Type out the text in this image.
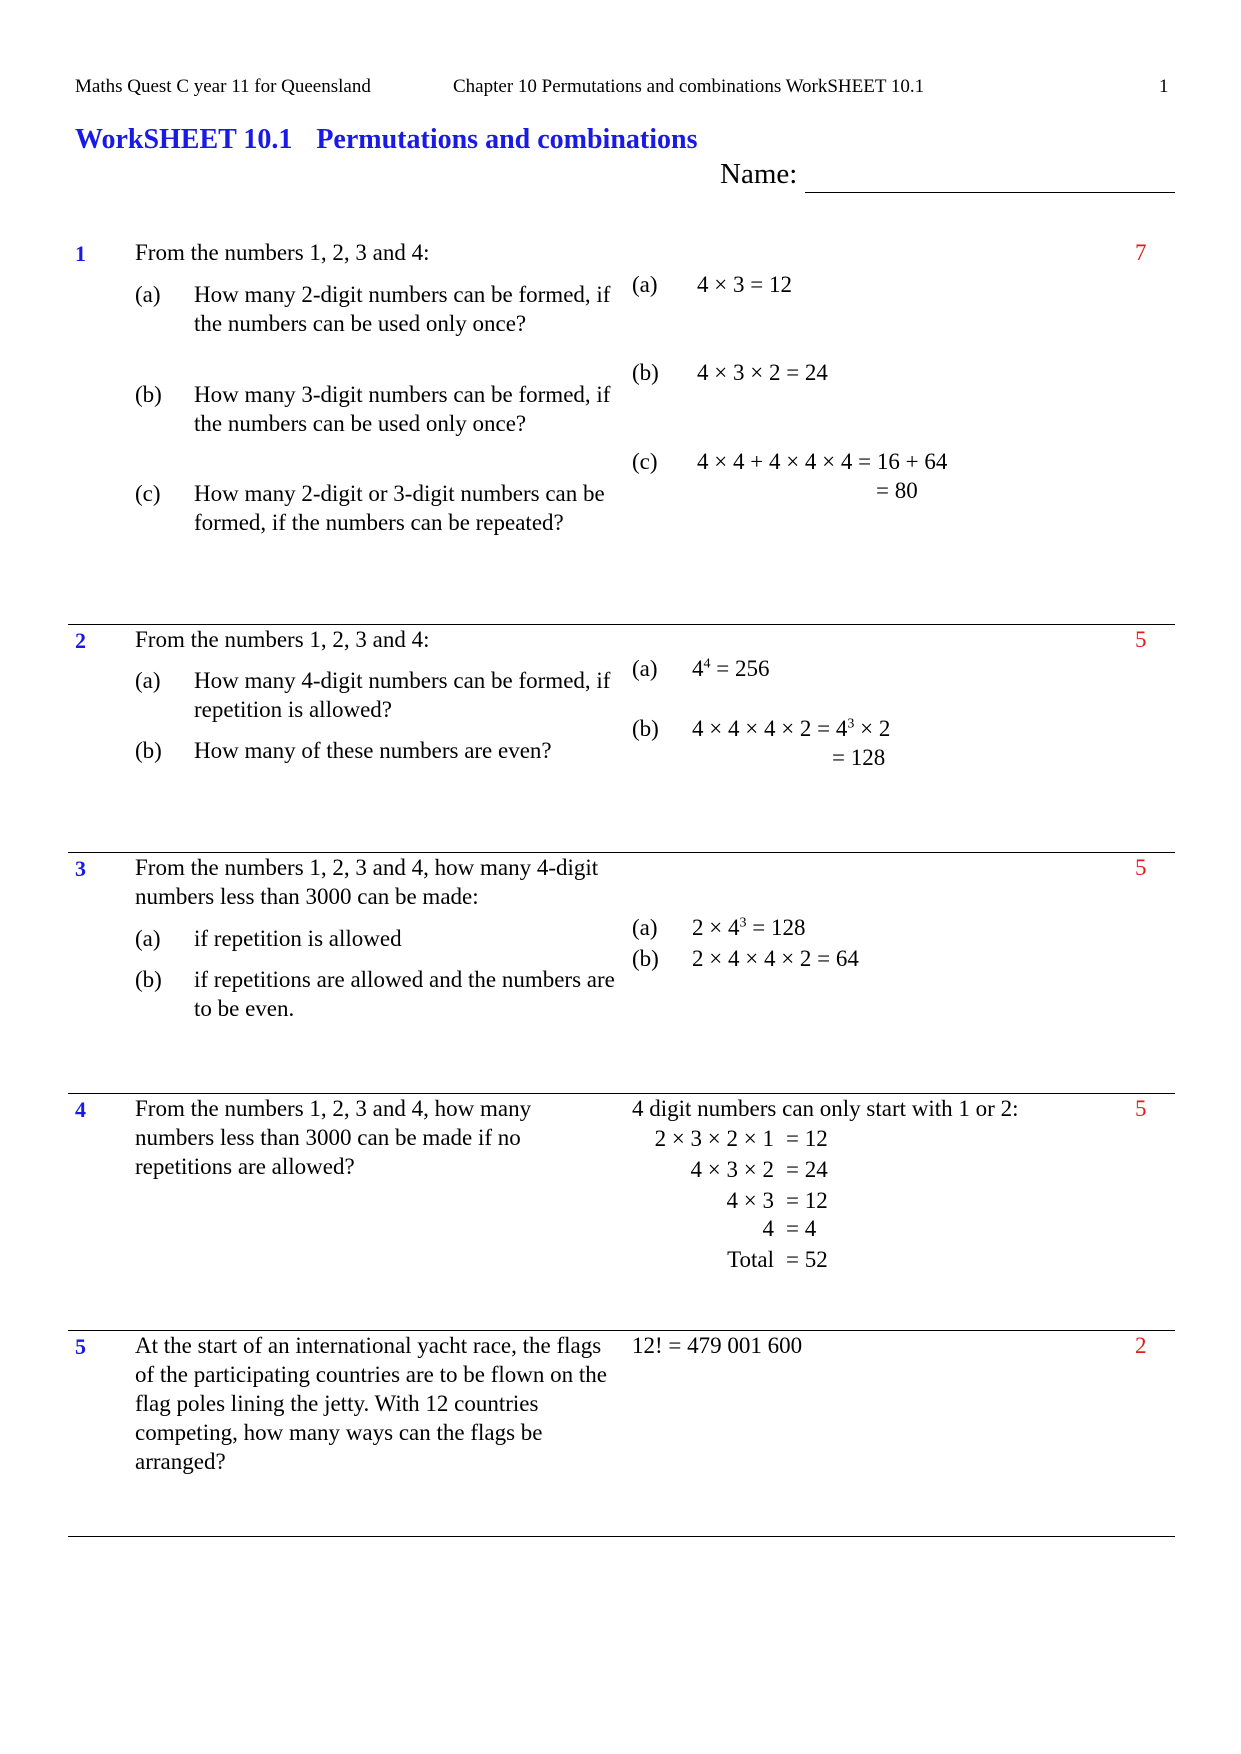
Maths Quest C year 11 for Queensland	Chapter 10 Permutations and combinations WorkSHEET 10.1	1
WorkSHEET 10.1 Permutations and combinations
Name:
1	7
From the numbers 1, 2, 3 and 4:
(a) How many 2-digit numbers can be formed, if the numbers can be used only once?
(b) How many 3-digit numbers can be formed, if the numbers can be used only once?
(c) How many 2-digit or 3-digit numbers can be formed, if the numbers can be repeated?
(a) 4 × 3 = 12
(b) 4 × 3 × 2 = 24
(c) 4 × 4 + 4 × 4 × 4 = 16 + 64
= 80
2	5
From the numbers 1, 2, 3 and 4:
(a) How many 4-digit numbers can be formed, if repetition is allowed?
(b) How many of these numbers are even?
(a) $4^4 = 256$
(b) $4 \times 4 \times 4 \times 2 = 4^3 \times 2$
= 128
3	5
From the numbers 1, 2, 3 and 4, how many 4-digit numbers less than 3000 can be made:
(a) if repetition is allowed
(b) if repetitions are allowed and the numbers are to be even.
(a) $2 \times 4^3 = 128$
(b) 2 × 4 × 4 × 2 = 64
4	5
From the numbers 1, 2, 3 and 4, how many numbers less than 3000 can be made if no repetitions are allowed?
4 digit numbers can only start with 1 or 2:
2 × 3 × 2 × 1 = 12
4 × 3 × 2 = 24
4 × 3 = 12
4 = 4
Total = 52
5	2
At the start of an international yacht race, the flags of the participating countries are to be flown on the flag poles lining the jetty. With 12 countries competing, how many ways can the flags be arranged?
12! = 479 001 600
